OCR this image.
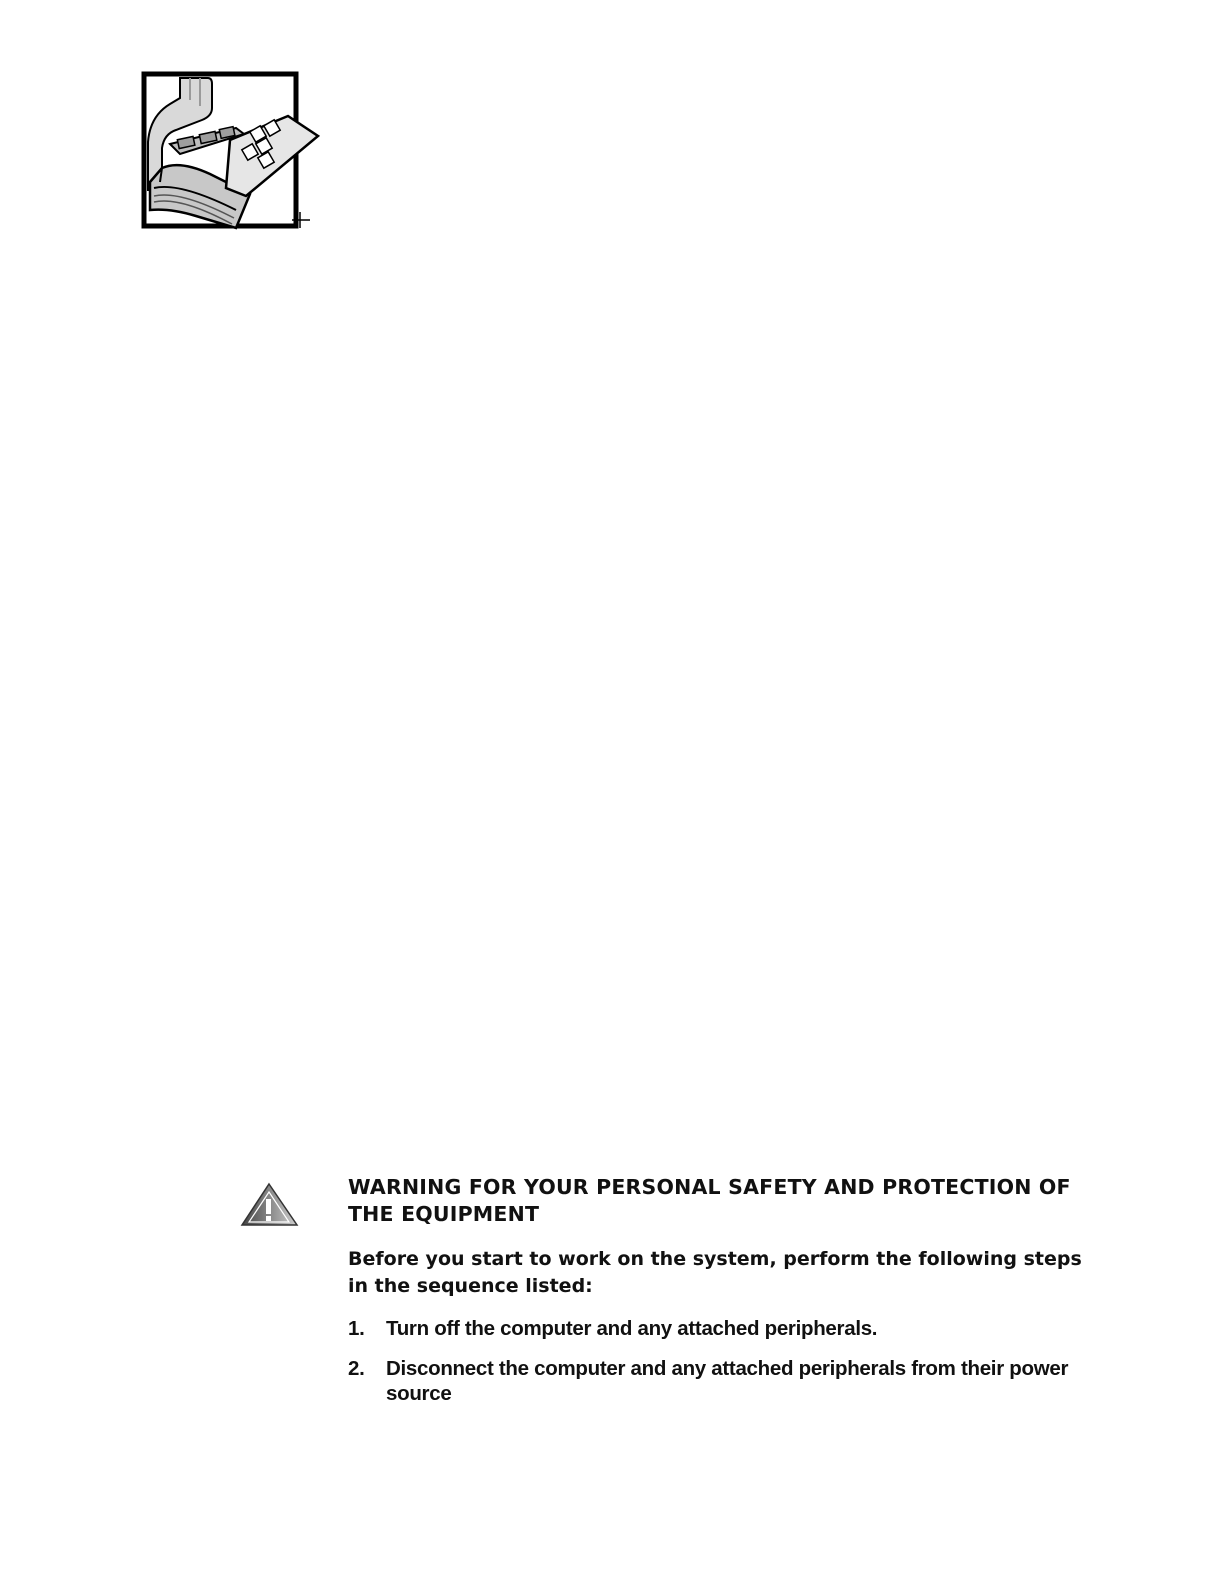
WARNING FOR YOUR PERSONAL SAFETY AND PROTECTION OF THE EQUIPMENT

Before you start to work on the system, perform the following steps in the sequence listed:

1.	Turn off the computer and any attached peripherals.
2.	Disconnect the computer and any attached peripherals from their power source
